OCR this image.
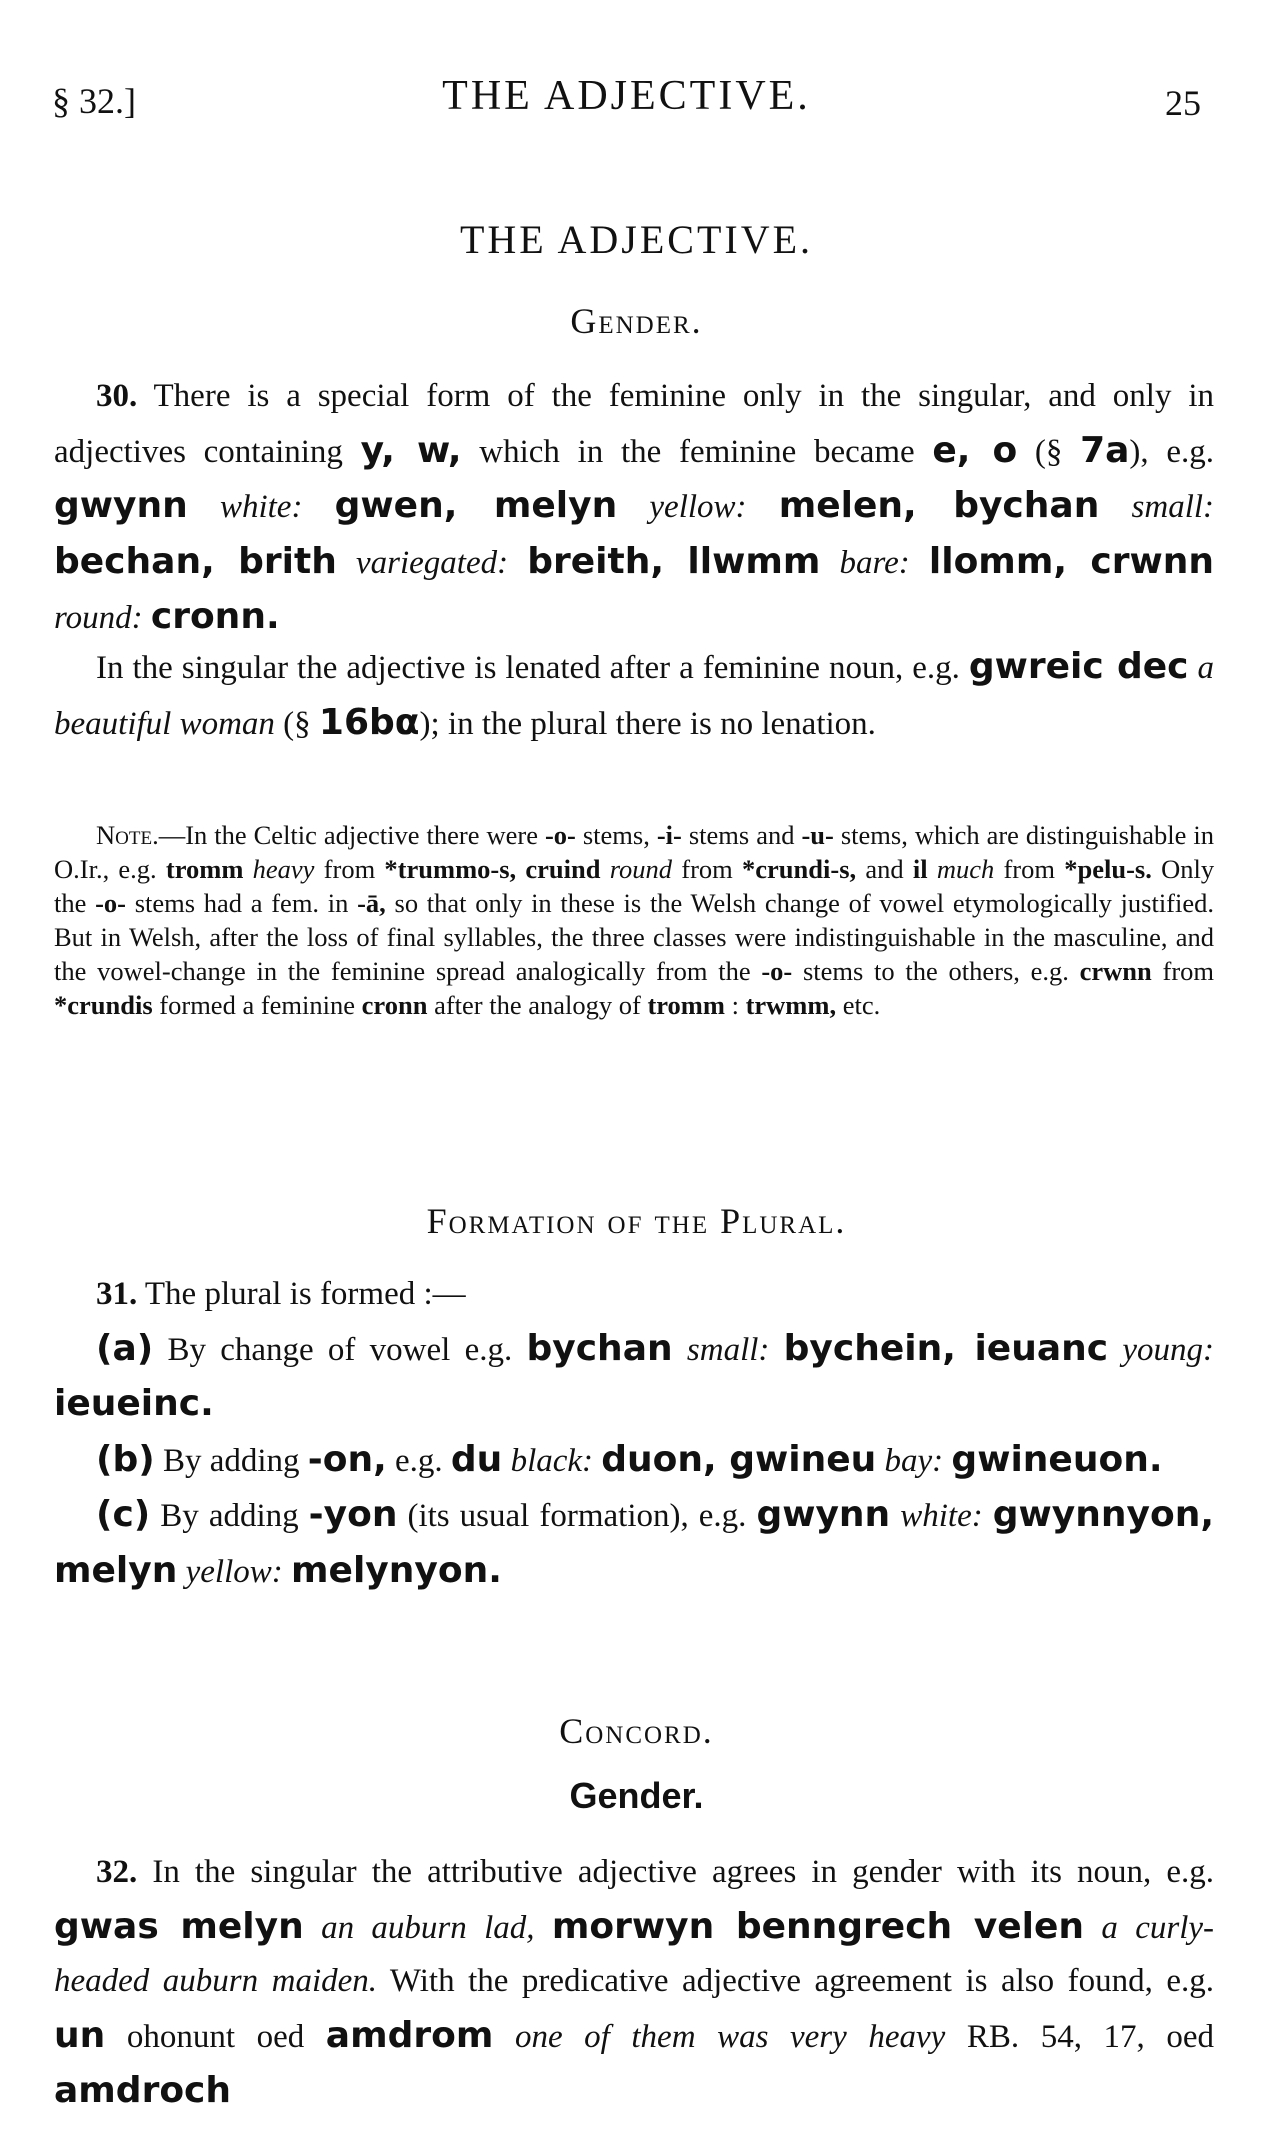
§ 32.]	THE ADJECTIVE.	25
THE ADJECTIVE.
Gender.
30. There is a special form of the feminine only in the singular, and only in adjectives containing y, w, which in the feminine became e, o (§ 7a), e.g. gwynn white: gwen, melyn yellow: melen, bychan small: bechan, brith variegated: breith, llwmm bare: llomm, crwnn round: cronn.
In the singular the adjective is lenated after a feminine noun, e.g. gwreic dec a beautiful woman (§ 16bα); in the plural there is no lenation.
Note.—In the Celtic adjective there were -o- stems, -i- stems and -u- stems, which are distinguishable in O.Ir., e.g. tromm heavy from *trummo-s, cruind round from *crundi-s, and il much from *pelu-s. Only the -o- stems had a fem. in -ā, so that only in these is the Welsh change of vowel etymologically justified. But in Welsh, after the loss of final syllables, the three classes were indistinguishable in the masculine, and the vowel-change in the feminine spread analogically from the -o- stems to the others, e.g. crwnn from *crundis formed a feminine cronn after the analogy of tromm : trwmm, etc.
Formation of the Plural.
31. The plural is formed :—
(a) By change of vowel e.g. bychan small: bychein, ieuanc young: ieueinc.
(b) By adding -on, e.g. du black: duon, gwineu bay: gwineuon.
(c) By adding -yon (its usual formation), e.g. gwynn white: gwynnyon, melyn yellow: melynyon.
Concord.
Gender.
32. In the singular the attributive adjective agrees in gender with its noun, e.g. gwas melyn an auburn lad, morwyn benngrech velen a curly-headed auburn maiden. With the predicative adjective agreement is also found, e.g. un ohonunt oed amdrom one of them was very heavy RB. 54, 17, oed amdroch
